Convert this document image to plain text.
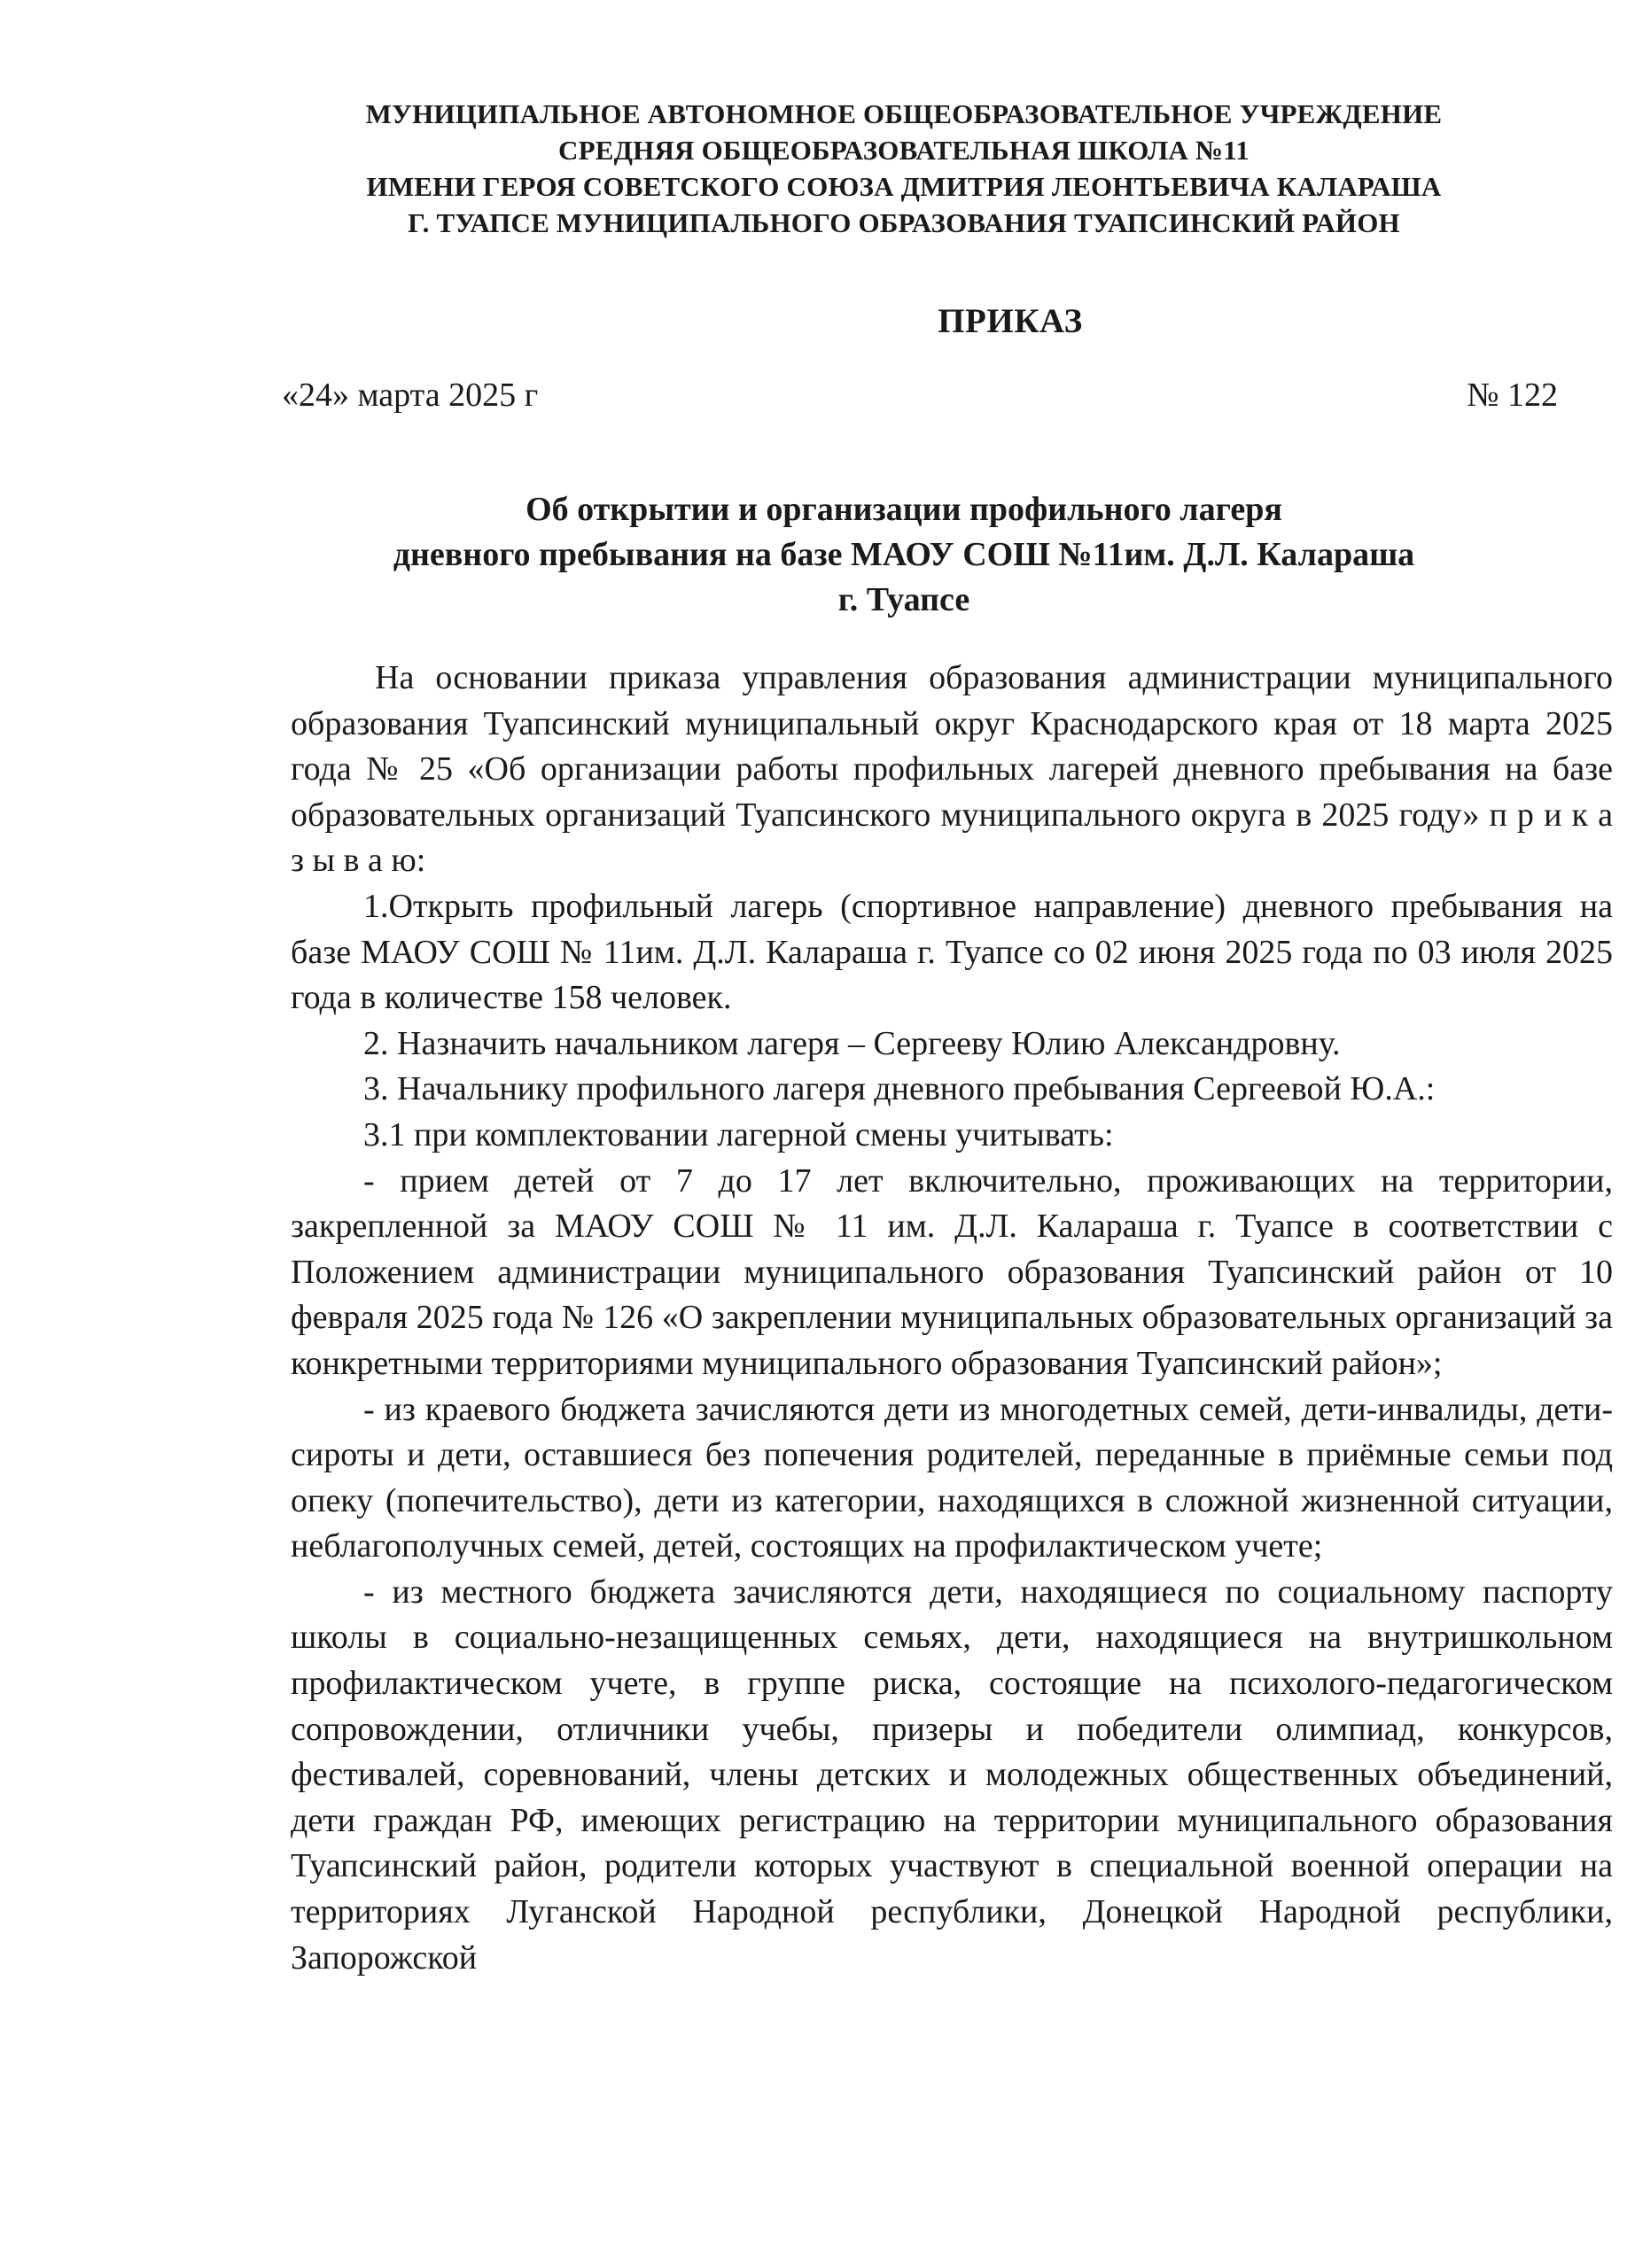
МУНИЦИПАЛЬНОЕ АВТОНОМНОЕ ОБЩЕОБРАЗОВАТЕЛЬНОЕ УЧРЕЖДЕНИЕ
СРЕДНЯЯ ОБЩЕОБРАЗОВАТЕЛЬНАЯ ШКОЛА №11
ИМЕНИ ГЕРОЯ СОВЕТСКОГО СОЮЗА ДМИТРИЯ ЛЕОНТЬЕВИЧА КАЛАРАША
Г. ТУАПСЕ МУНИЦИПАЛЬНОГО ОБРАЗОВАНИЯ ТУАПСИНСКИЙ РАЙОН
ПРИКАЗ
«24» марта 2025 г	№ 122
Об открытии и организации профильного лагеря
дневного пребывания на базе МАОУ СОШ №11им. Д.Л. Калараша
г. Туапсе

На основании приказа управления образования администрации муниципального образования Туапсинский муниципальный округ Краснодарского края от 18 марта 2025 года № 25 «Об организации работы профильных лагерей дневного пребывания на базе образовательных организаций Туапсинского муниципального округа в 2025 году» п р и к а з ы в а ю:

1.Открыть профильный лагерь (спортивное направление) дневного пребывания на базе МАОУ СОШ № 11им. Д.Л. Калараша г. Туапсе со 02 июня 2025 года по 03 июля 2025 года в количестве 158 человек.

2. Назначить начальником лагеря – Сергееву Юлию Александровну.

3. Начальнику профильного лагеря дневного пребывания Сергеевой Ю.А.:

3.1 при комплектовании лагерной смены учитывать:

- прием детей от 7 до 17 лет включительно, проживающих на территории, закрепленной за МАОУ СОШ № 11 им. Д.Л. Калараша г. Туапсе в соответствии с Положением администрации муниципального образования Туапсинский район от 10 февраля 2025 года № 126 «О закреплении муниципальных образовательных организаций за конкретными территориями муниципального образования Туапсинский район»;

- из краевого бюджета зачисляются дети из многодетных семей, дети-инвалиды, дети-сироты и дети, оставшиеся без попечения родителей, переданные в приёмные семьи под опеку (попечительство), дети из категории, находящихся в сложной жизненной ситуации, неблагополучных семей, детей, состоящих на профилактическом учете;

- из местного бюджета зачисляются дети, находящиеся по социальному паспорту школы в социально-незащищенных семьях, дети, находящиеся на внутришкольном профилактическом учете, в группе риска, состоящие на психолого-педагогическом сопровождении, отличники учебы, призеры и победители олимпиад, конкурсов, фестивалей, соревнований, члены детских и молодежных общественных объединений, дети граждан РФ, имеющих регистрацию на территории муниципального образования Туапсинский район, родители которых участвуют в специальной военной операции на территориях Луганской Народной республики, Донецкой Народной республики, Запорожской
